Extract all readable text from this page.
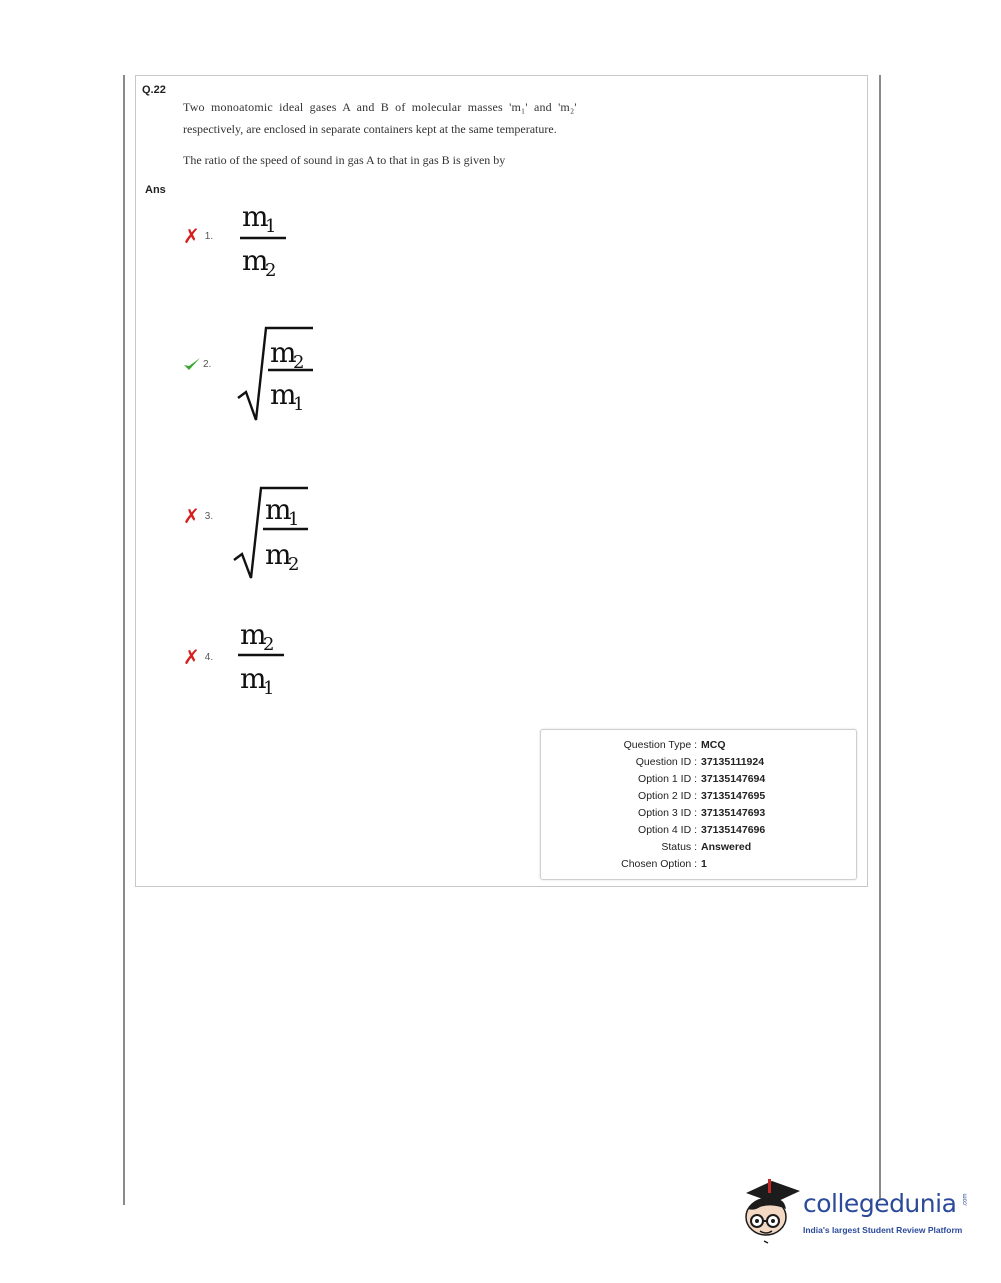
Q.22
Two monoatomic ideal gases A and B of molecular masses 'm₁' and 'm₂'
respectively, are enclosed in separate containers kept at the same temperature.
The ratio of the speed of sound in gas A to that in gas B is given by
Ans
✗ 1.
m
1
m
2
2. m
2
m
1
✗ 3. m
1
m
2
✗ 4.
m
2
m
1
Question Type : MCQ
Question ID : 37135111924
Option 1 ID : 37135147694
Option 2 ID : 37135147695
Option 3 ID : 37135147693
Option 4 ID : 37135147696
Status : Answered
Chosen Option : 1
collegedunia .com
India's largest Student Review Platform
